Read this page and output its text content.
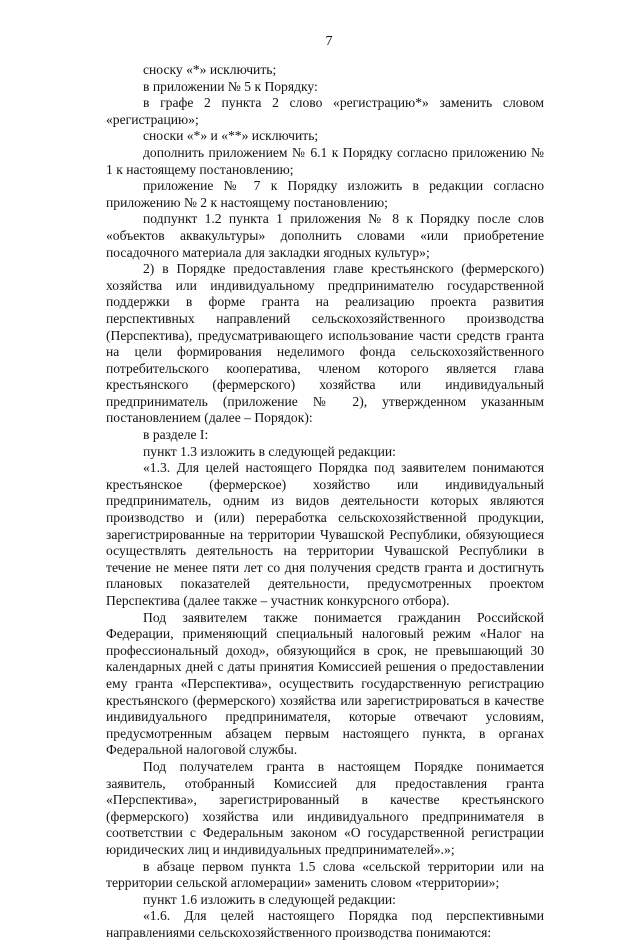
7

сноску «*» исключить;

в приложении № 5 к Порядку:

в графе 2 пункта 2 слово «регистрацию*» заменить словом «регистрацию»;

сноски «*» и «**» исключить;

дополнить приложением № 6.1 к Порядку согласно приложению № 1 к настоящему постановлению;

приложение № 7 к Порядку изложить в редакции согласно приложению № 2 к настоящему постановлению;

подпункт 1.2 пункта 1 приложения № 8 к Порядку после слов «объектов аквакультуры» дополнить словами «или приобретение посадочного материала для закладки ягодных культур»;

2) в Порядке предоставления главе крестьянского (фермерского) хозяйства или индивидуальному предпринимателю государственной поддержки в форме гранта на реализацию проекта развития перспективных направлений сельскохозяйственного производства (Перспектива), предусматривающего использование части средств гранта на цели формирования неделимого фонда сельскохозяйственного потребительского кооператива, членом которого является глава крестьянского (фермерского) хозяйства или индивидуальный предприниматель (приложение № 2), утвержденном указанным постановлением (далее – Порядок):

в разделе I:

пункт 1.3 изложить в следующей редакции:

«1.3. Для целей настоящего Порядка под заявителем понимаются крестьянское (фермерское) хозяйство или индивидуальный предприниматель, одним из видов деятельности которых являются производство и (или) переработка сельскохозяйственной продукции, зарегистрированные на территории Чувашской Республики, обязующиеся осуществлять деятельность на территории Чувашской Республики в течение не менее пяти лет со дня получения средств гранта и достигнуть плановых показателей деятельности, предусмотренных проектом Перспектива (далее также – участник конкурсного отбора).

Под заявителем также понимается гражданин Российской Федерации, применяющий специальный налоговый режим «Налог на профессиональный доход», обязующийся в срок, не превышающий 30 календарных дней с даты принятия Комиссией решения о предоставлении ему гранта «Перспектива», осуществить государственную регистрацию крестьянского (фермерского) хозяйства или зарегистрироваться в качестве индивидуального предпринимателя, которые отвечают условиям, предусмотренным абзацем первым настоящего пункта, в органах Федеральной налоговой службы.

Под получателем гранта в настоящем Порядке понимается заявитель, отобранный Комиссией для предоставления гранта «Перспектива», зарегистрированный в качестве крестьянского (фермерского) хозяйства или индивидуального предпринимателя в соответствии с Федеральным законом «О государственной регистрации юридических лиц и индивидуальных предпринимателей».»;

в абзаце первом пункта 1.5 слова «сельской территории или на территории сельской агломерации» заменить словом «территории»;

пункт 1.6 изложить в следующей редакции:

«1.6. Для целей настоящего Порядка под перспективными направлениями сельскохозяйственного производства понимаются:
